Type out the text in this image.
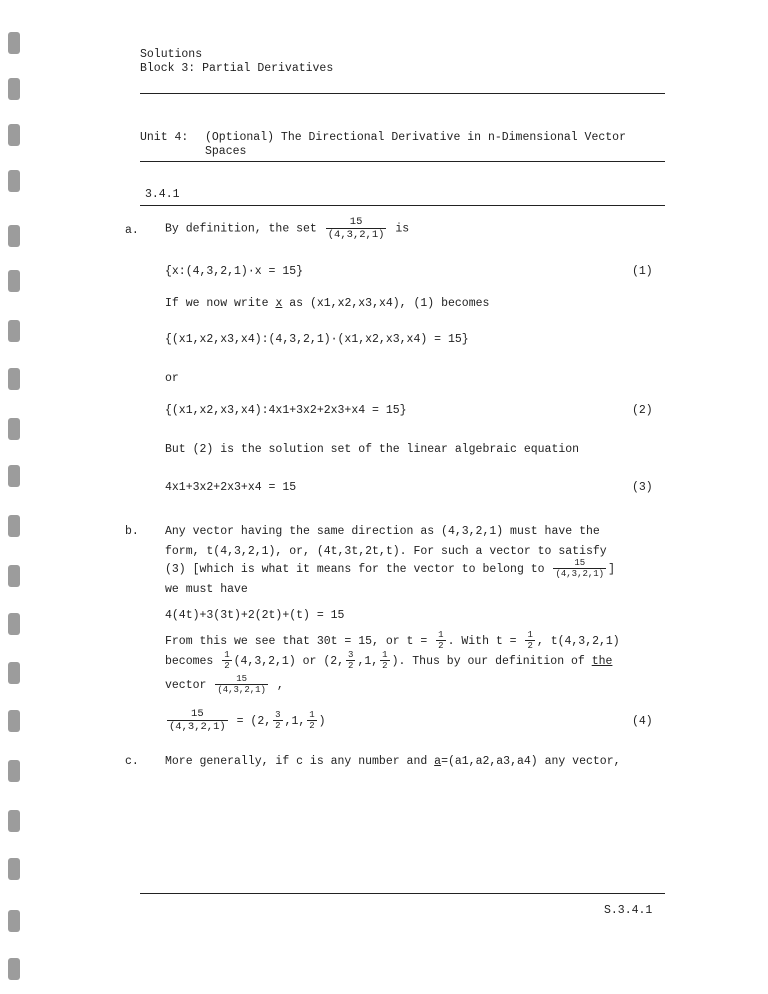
Solutions
Block 3: Partial Derivatives
Unit 4: (Optional) The Directional Derivative in n-Dimensional Vector
Spaces
3.4.1
a. By definition, the set $\frac{15}{(4,3,2,1)}$ is
{x:(4,3,2,1)·x = 15}	(1)
If we now write x as (x1,x2,x3,x4), (1) becomes
{(x1,x2,x3,x4):(4,3,2,1)·(x1,x2,x3,x4) = 15}
or
{(x1,x2,x3,x4):4x1+3x2+2x3+x4 = 15}	(2)
But (2) is the solution set of the linear algebraic equation
4x1+3x2+2x3+x4 = 15	(3)
b. Any vector having the same direction as (4,3,2,1) must have the
form, t(4,3,2,1), or, (4t,3t,2t,t). For such a vector to satisfy
(3) [which is what it means for the vector to belong to $\frac{15}{(4,3,2,1)}$ ]
we must have
4(4t)+3(3t)+2(2t)+(t) = 15
From this we see that 30t = 15, or $t = \frac{1}{2}$ . With $t = \frac{1}{2}$ , t(4,3,2,1)
becomes $\frac{1}{2} (4,3,2,1)$ or (2, $\frac{3}{2} ,1$, $\frac{1}{2}$ ). Thus by our definition of the
vector $\frac{15}{(4,3,2,1)}$ ,
$\frac{15}{(4,3,2,1)} = (2$, $\frac{3}{2} ,1$, $\frac{1}{2}$ )	(4)
c. More generally, if c is any number and a=(a1,a2,a3,a4) any vector,
S.3.4.1
